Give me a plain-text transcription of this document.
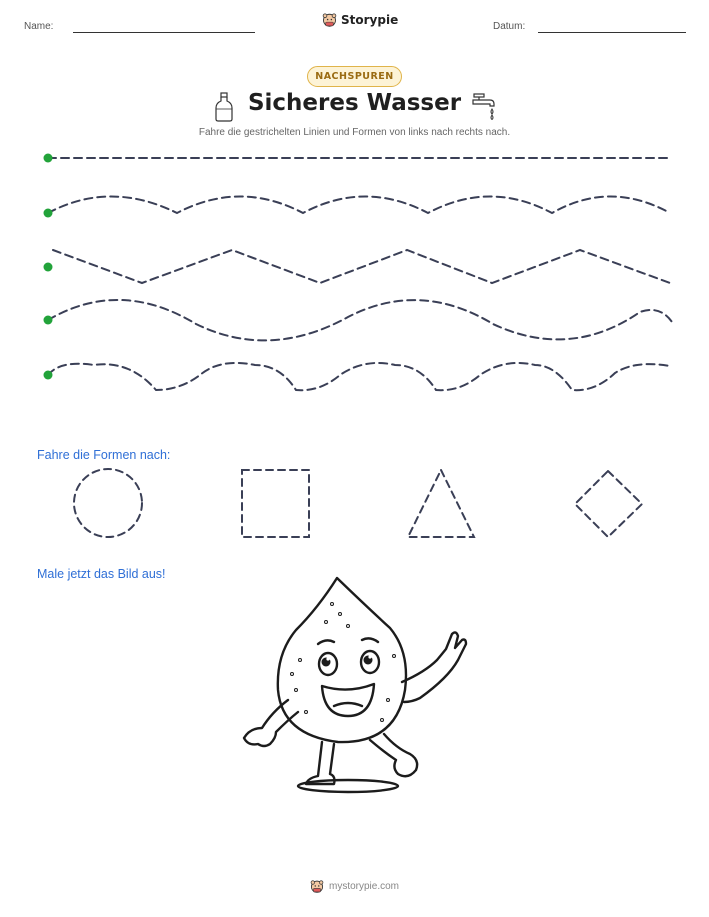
Name:	Storypie	Datum:
NACHSPUREN
Sicheres Wasser
Fahre die gestrichelten Linien und Formen von links nach rechts nach.
Fahre die Formen nach:
Male jetzt das Bild aus!
mystorypie.com
